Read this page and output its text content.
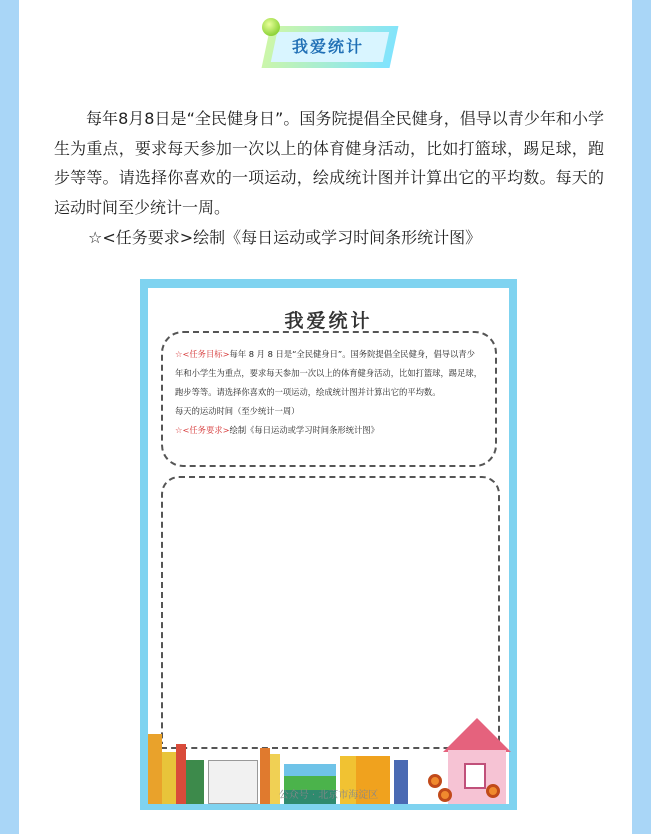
我爱统计
每年8月8日是“全民健身日”。国务院提倡全民健身，倡导以青少年和小学生为重点，要求每天参加一次以上的体育健身活动，比如打篮球，踢足球，跑步等等。请选择你喜欢的一项运动，绘成统计图并计算出它的平均数。每天的运动时间至少统计一周。
☆<任务要求>绘制《每日运动或学习时间条形统计图》
我爱统计
☆<任务目标>每年 8 月 8 日是“全民健身日”。国务院提倡全民健身，倡导以青少年和小学生为重点，要求每天参加一次以上的体育健身活动，比如打篮球，踢足球，跑步等等。请选择你喜欢的一项运动，绘成统计图并计算出它的平均数。
每天的运动时间（至少统计一周）
☆<任务要求>绘制《每日运动或学习时间条形统计图》
公众号 · 北京市海淀区
